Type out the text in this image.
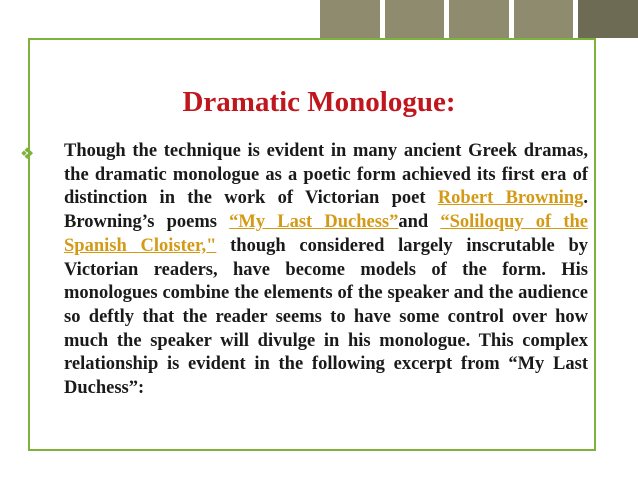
Dramatic Monologue:
❖	Though the technique is evident in many ancient Greek dramas, the dramatic monologue as a poetic form achieved its first era of distinction in the work of Victorian poet Robert Browning. Browning’s poems “My Last Duchess”and “Soliloquy of the Spanish Cloister," though considered largely inscrutable by Victorian readers, have become models of the form. His monologues combine the elements of the speaker and the audience so deftly that the reader seems to have some control over how much the speaker will divulge in his monologue. This complex relationship is evident in the following excerpt from “My Last Duchess”:
